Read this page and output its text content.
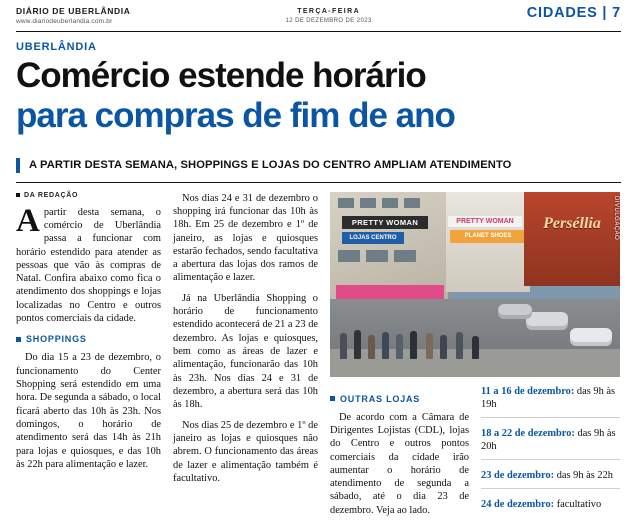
DIÁRIO DE UBERLÂNDIA
www.diariodeuberlandia.com.br
TERÇA-FEIRA
12 DE DEZEMBRO DE 2023	CIDADES | 7
UBERLÂNDIA
Comércio estende horário
para compras de fim de ano
A PARTIR DESTA SEMANA, SHOPPINGS E LOJAS DO CENTRO AMPLIAM ATENDIMENTO
DA REDAÇÃO

Apartir desta semana, o comércio de Uberlândia passa a funcionar com horário estendido para atender as pessoas que vão às compras de Natal. Confira abaixo como fica o atendimento dos shoppings e lojas localizadas no Centro e outros pontos comerciais da cidade.

SHOPPINGS

Do dia 15 a 23 de dezembro, o funcionamento do Center Shopping será estendido em uma hora. De segunda a sábado, o local ficará aberto das 10h às 23h. Nos domingos, o horário de atendimento será das 14h às 21h para lojas e quiosques, e das 10h às 22h para alimentação e lazer.

Nos dias 24 e 31 de dezembro o shopping irá funcionar das 10h às 18h. Em 25 de dezembro e 1º de janeiro, as lojas e quiosques estarão fechados, sendo facultativa a abertura das lojas dos ramos de alimentação e lazer.

Já na Uberlândia Shopping o horário de funcionamento estendido acontecerá de 21 a 23 de dezembro. As lojas e quiosques, bem como as áreas de lazer e alimentação, funcionarão das 10h às 23h. Nos dias 24 e 31 de dezembro, a abertura será das 10h às 18h.

Nos dias 25 de dezembro e 1º de janeiro as lojas e quiosques não abrem. O funcionamento das áreas de lazer e alimentação também é facultativo.

PRETTY WOMAN
LOJAS CENTRO
PRETTY WOMAN
PLANET SHOES
Perséllia	DIVULGAÇÃO
OUTRAS LOJAS

De acordo com a Câmara de Dirigentes Lojistas (CDL), lojas do Centro e outros pontos comerciais da cidade irão aumentar o horário de atendimento de segunda a sábado, até o dia 23 de dezembro. Veja ao lado.

11 a 16 de dezembro: das 9h às 19h
18 a 22 de dezembro: das 9h às 20h
23 de dezembro: das 9h às 22h
24 de dezembro: facultativo
